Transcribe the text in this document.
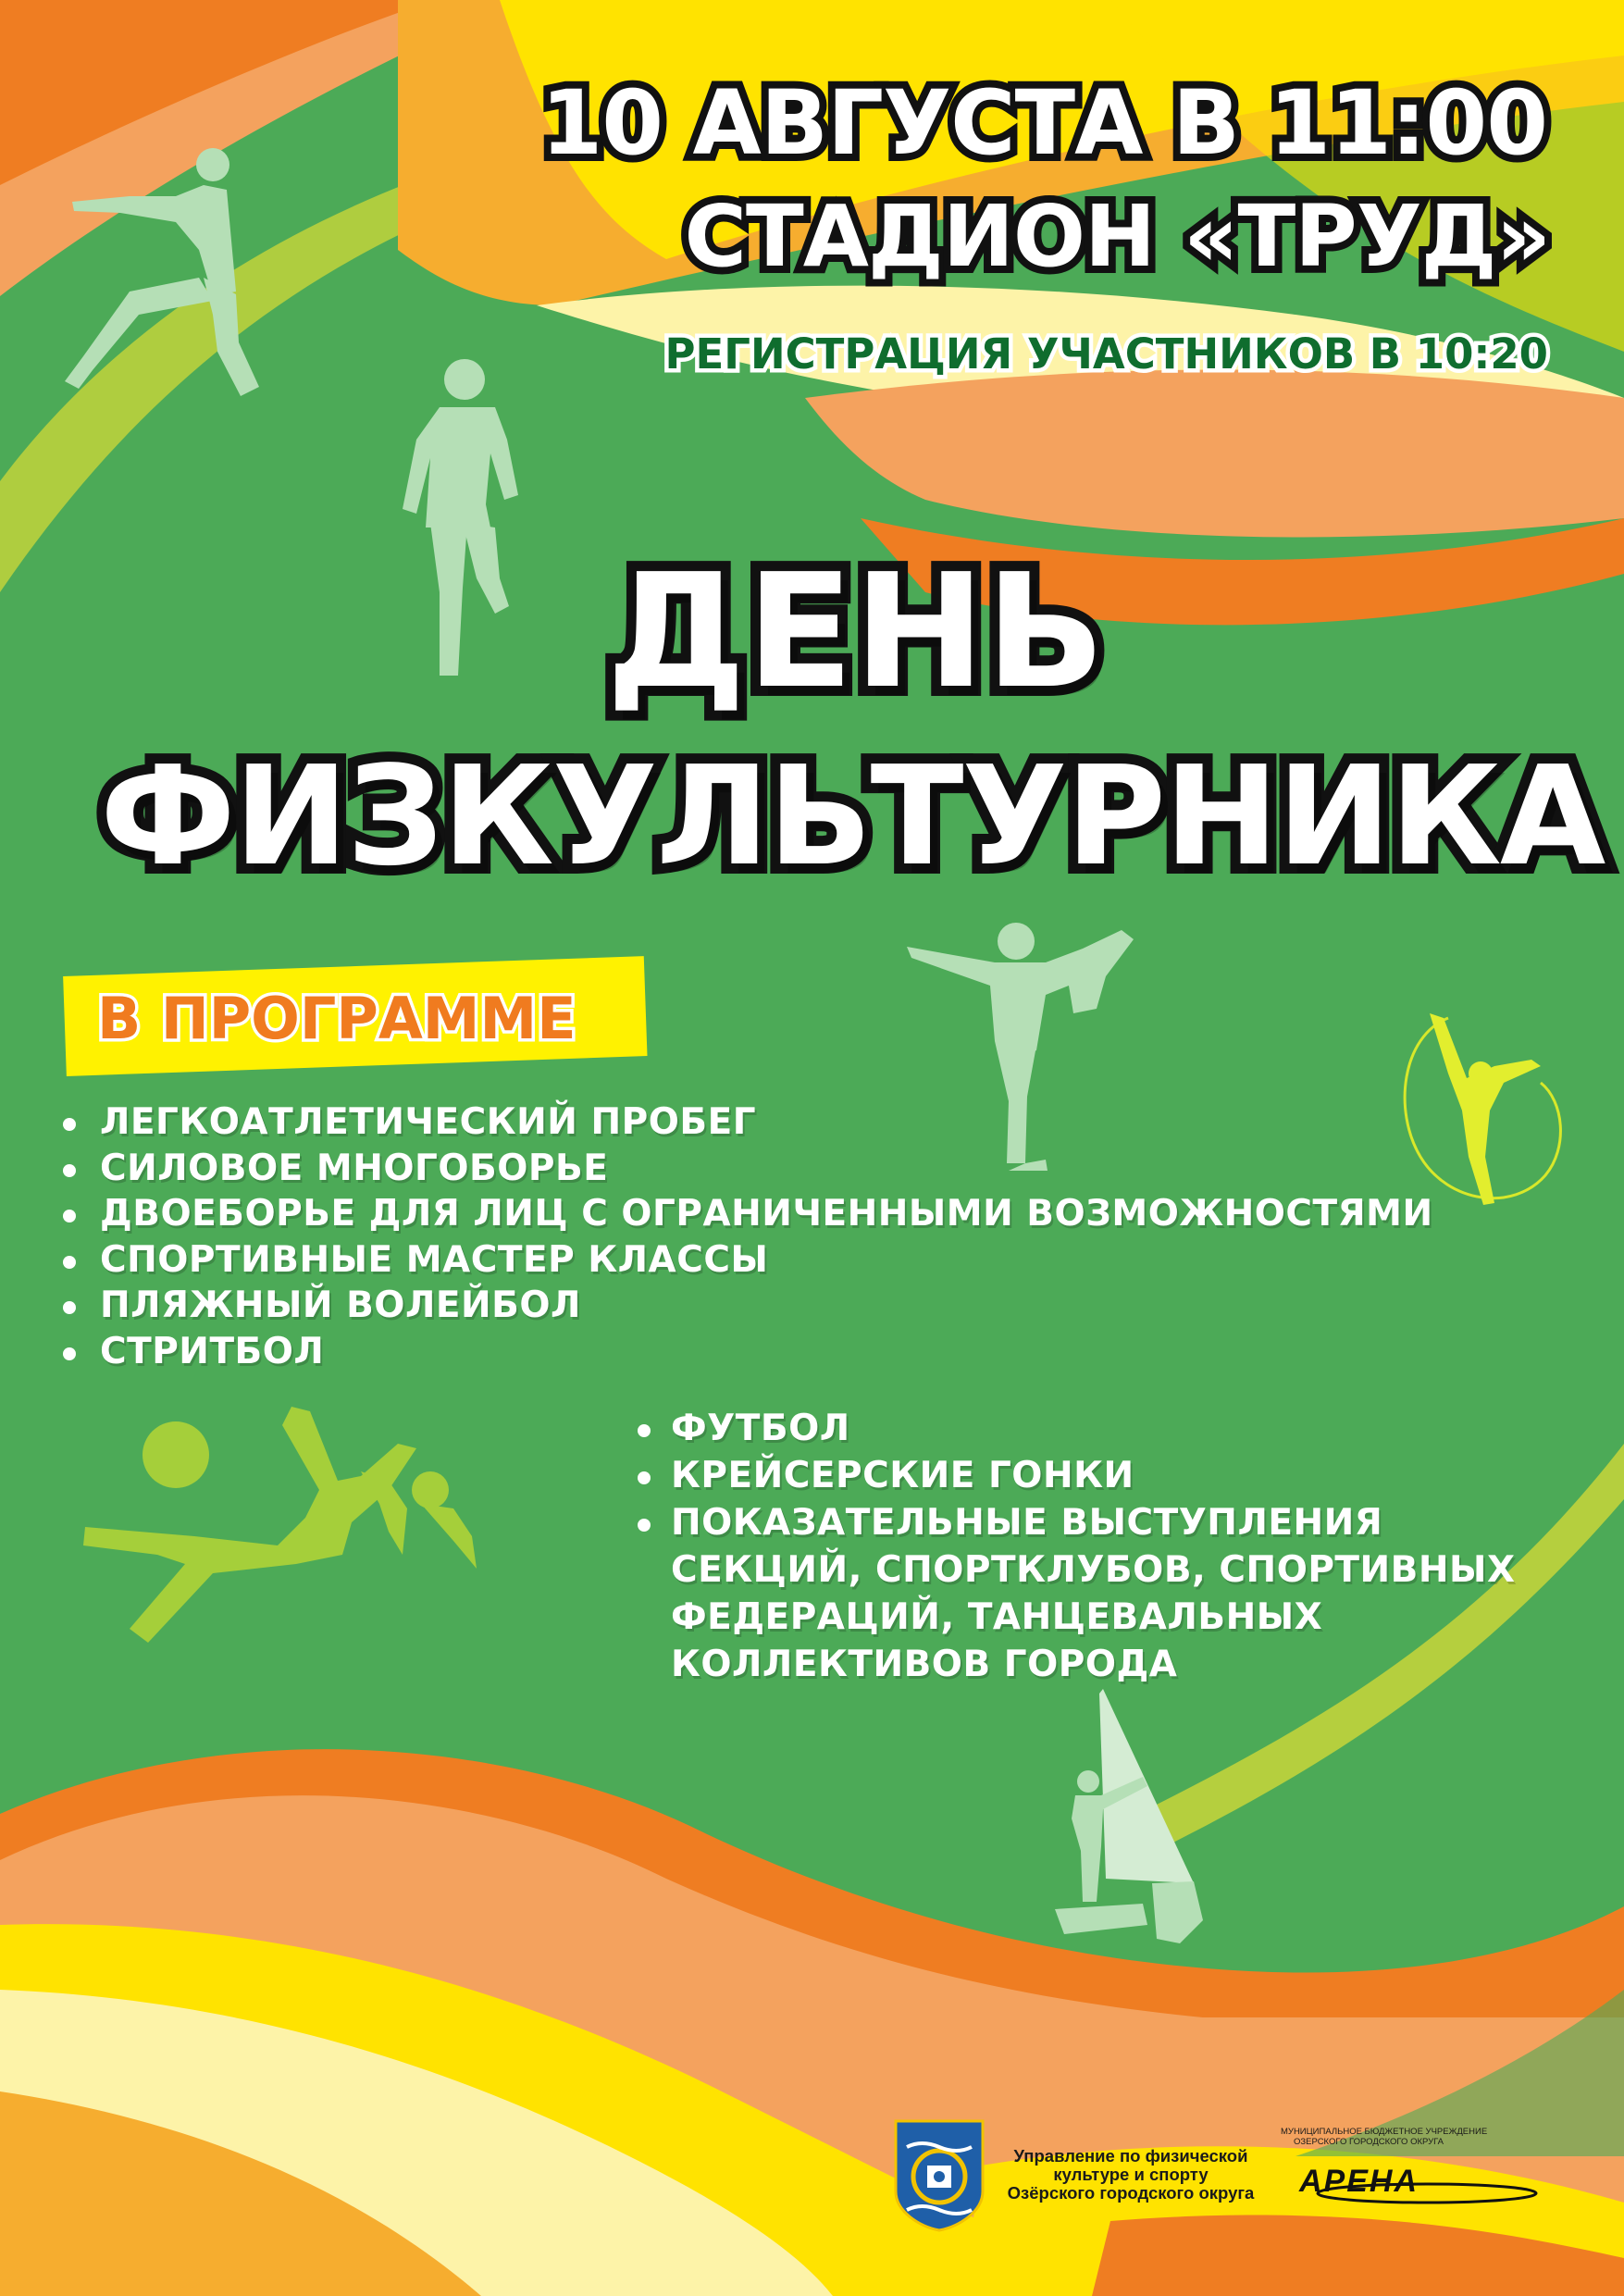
10 АВГУСТА В 11:00
СТАДИОН «ТРУД»
РЕГИСТРАЦИЯ УЧАСТНИКОВ В 10:20
ДЕНЬ
ФИЗКУЛЬТУРНИКА
В ПРОГРАММЕ
ЛЕГКОАТЛЕТИЧЕСКИЙ ПРОБЕГ
СИЛОВОЕ МНОГОБОРЬЕ
ДВОЕБОРЬЕ ДЛЯ ЛИЦ С ОГРАНИЧЕННЫМИ ВОЗМОЖНОСТЯМИ
СПОРТИВНЫЕ МАСТЕР КЛАССЫ
ПЛЯЖНЫЙ ВОЛЕЙБОЛ
СТРИТБОЛ
ФУТБОЛ
КРЕЙСЕРСКИЕ ГОНКИ
ПОКАЗАТЕЛЬНЫЕ ВЫСТУПЛЕНИЯ СЕКЦИЙ, СПОРТКЛУБОВ, СПОРТИВНЫХ ФЕДЕРАЦИЙ, ТАНЦЕВАЛЬНЫХ КОЛЛЕКТИВОВ ГОРОДА
Управление по физической
культуре и спорту
Озёрского городского округа
МУНИЦИПАЛЬНОЕ БЮДЖЕТНОЕ УЧРЕЖДЕНИЕ
ОЗЕРСКОГО ГОРОДСКОГО ОКРУГА
АРЕНА
